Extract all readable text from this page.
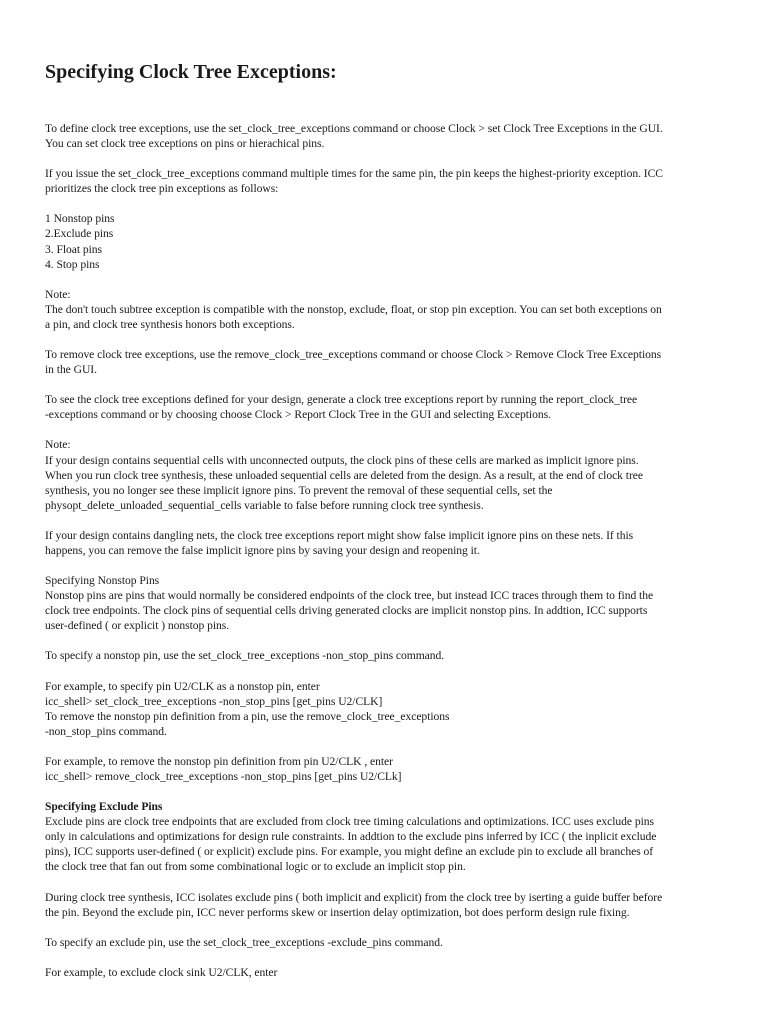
Specifying Clock Tree Exceptions:
To define clock tree exceptions, use the set_clock_tree_exceptions command or choose Clock > set Clock Tree Exceptions in the GUI.
You can set clock tree exceptions on pins or hierachical pins.
If you issue the set_clock_tree_exceptions command multiple times for the same pin, the pin keeps the highest-priority exception. ICC
prioritizes the clock tree pin exceptions as follows:
1 Nonstop pins
2.Exclude pins
3. Float pins
4. Stop pins
Note:
The don't touch subtree exception is compatible with the nonstop, exclude, float, or stop pin exception. You can set both exceptions on
a pin, and clock tree synthesis honors both exceptions.
To remove clock tree exceptions, use the remove_clock_tree_exceptions command or choose Clock > Remove Clock Tree Exceptions
in the GUI.
To see the clock tree exceptions defined for your design, generate a clock tree exceptions report by running the report_clock_tree
-exceptions command or by choosing choose Clock > Report Clock Tree in the GUI and selecting Exceptions.
Note:
If your design contains sequential cells with unconnected outputs, the clock pins of these cells are marked as implicit ignore pins.
When you run clock tree synthesis, these unloaded sequential cells are deleted from the design. As a result, at the end of clock tree
synthesis, you no longer see these implicit ignore pins. To prevent the removal of these sequential cells, set the
physopt_delete_unloaded_sequential_cells variable to false before running clock tree synthesis.
If your design contains dangling nets, the clock tree exceptions report might show false implicit ignore pins on these nets. If this
happens, you can remove the false implicit ignore pins by saving your design and reopening it.
Specifying Nonstop Pins
Nonstop pins are pins that would normally be considered endpoints of the clock tree, but instead ICC traces through them to find the
clock tree endpoints. The clock pins of sequential cells driving generated clocks are implicit nonstop pins. In addtion, ICC supports
user-defined ( or explicit ) nonstop pins.
To specify a nonstop pin, use the set_clock_tree_exceptions -non_stop_pins command.
For example, to specify pin U2/CLK as a nonstop pin, enter
icc_shell> set_clock_tree_exceptions -non_stop_pins [get_pins U2/CLK]
To remove the nonstop pin definition from a pin, use the remove_clock_tree_exceptions
-non_stop_pins command.
For example, to remove the nonstop pin definition from pin U2/CLK , enter
icc_shell> remove_clock_tree_exceptions -non_stop_pins [get_pins U2/CLk]
Specifying Exclude Pins
Exclude pins are clock tree endpoints that are excluded from clock tree timing calculations and optimizations. ICC uses exclude pins
only in calculations and optimizations for design rule constraints. In addtion to the exclude pins inferred by ICC ( the inplicit exclude
pins), ICC supports user-defined ( or explicit) exclude pins. For example, you might define an exclude pin to exclude all branches of
the clock tree that fan out from some combinational logic or to exclude an implicit stop pin.
During clock tree synthesis, ICC isolates exclude pins ( both implicit and explicit) from the clock tree by iserting a guide buffer before
the pin. Beyond the exclude pin, ICC never performs skew or insertion delay optimization, bot does perform design rule fixing.
To specify an exclude pin, use the set_clock_tree_exceptions -exclude_pins command.
For example, to exclude clock sink U2/CLK, enter
